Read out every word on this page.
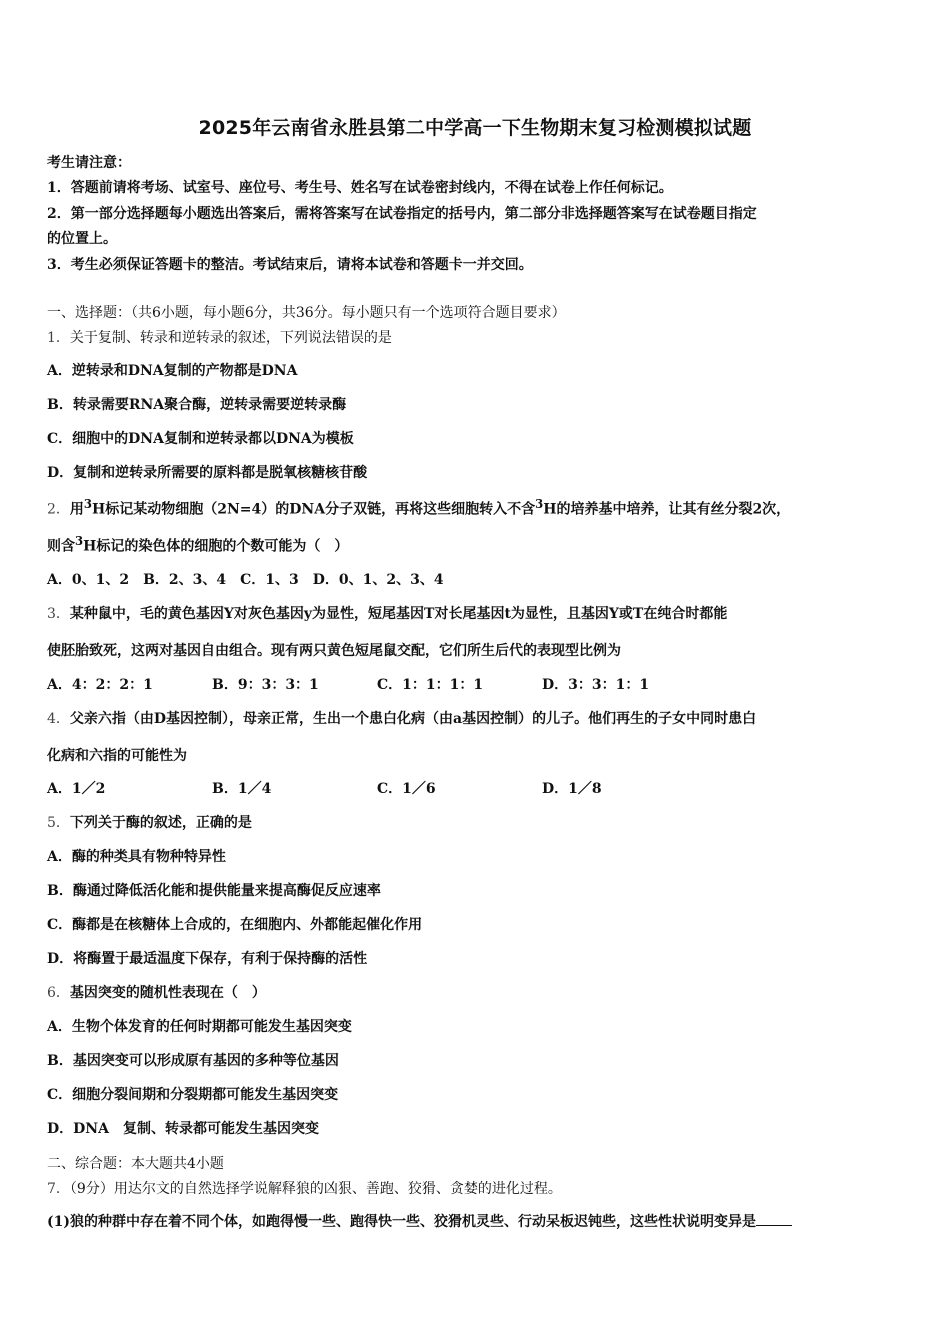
2025年云南省永胜县第二中学高一下生物期末复习检测模拟试题
考生请注意：
1．答题前请将考场、试室号、座位号、考生号、姓名写在试卷密封线内，不得在试卷上作任何标记。
2．第一部分选择题每小题选出答案后，需将答案写在试卷指定的括号内，第二部分非选择题答案写在试卷题目指定
的位置上。
3．考生必须保证答题卡的整洁。考试结束后，请将本试卷和答题卡一并交回。
一、选择题：（共6小题，每小题6分，共36分。每小题只有一个选项符合题目要求）
1．关于复制、转录和逆转录的叙述，下列说法错误的是
A．逆转录和DNA复制的产物都是DNA
B．转录需要RNA聚合酶，逆转录需要逆转录酶
C．细胞中的DNA复制和逆转录都以DNA为模板
D．复制和逆转录所需要的原料都是脱氧核糖核苷酸
2．用$^3$H标记某动物细胞（2N=4）的DNA分子双链，再将这些细胞转入不含$^3$H的培养基中培养，让其有丝分裂2次，
则含$^3$H标记的染色体的细胞的个数可能为（　）
A．0、1、2　B．2、3、4　C．1、3　D．0、1、2、3、4
3．某种鼠中，毛的黄色基因Y对灰色基因y为显性，短尾基因T对长尾基因t为显性，且基因Y或T在纯合时都能
使胚胎致死，这两对基因自由组合。现有两只黄色短尾鼠交配，它们所生后代的表现型比例为
A．4：2：2：1	B．9：3：3：1	C．1：1：1：1	D．3：3：1：1
4．父亲六指（由D基因控制），母亲正常，生出一个患白化病（由a基因控制）的儿子。他们再生的子女中同时患白
化病和六指的可能性为
A．1／2	B．1／4	C．1／6	D．1／8
5．下列关于酶的叙述，正确的是
A．酶的种类具有物种特异性
B．酶通过降低活化能和提供能量来提高酶促反应速率
C．酶都是在核糖体上合成的，在细胞内、外都能起催化作用
D．将酶置于最适温度下保存，有利于保持酶的活性
6．基因突变的随机性表现在（　）
A．生物个体发育的任何时期都可能发生基因突变
B．基因突变可以形成原有基因的多种等位基因
C．细胞分裂间期和分裂期都可能发生基因突变
D．DNA　复制、转录都可能发生基因突变
二、综合题：本大题共4小题
7．（9分）用达尔文的自然选择学说解释狼的凶狠、善跑、狡猾、贪婪的进化过程。
(1)狼的种群中存在着不同个体，如跑得慢一些、跑得快一些、狡猾机灵些、行动呆板迟钝些，这些性状说明变异是
